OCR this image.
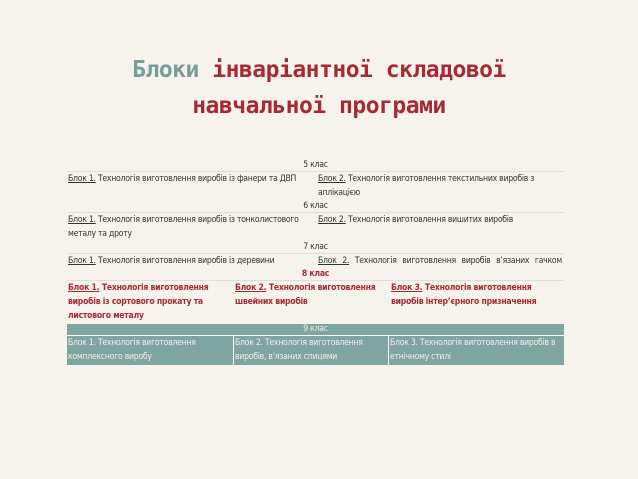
Блоки інваріантної складової
навчальної програми
5 клас
Блок 1. Технологія виготовлення виробів із фанери та ДВП	Блок 2. Технологія виготовлення текстильних виробів з аплікацією
6 клас
Блок 1. Технологія виготовлення виробів із тонколистового металу та дроту
Блок 2. Технологія виготовлення вишитих виробів
7 клас
Блок 1. Технологія виготовлення виробів із деревини	Блок 2. Технологія виготовлення виробів в’язаних гачком
8 клас
Блок 1. Технологія виготовлення виробів із сортового прокату та листового металу
Блок 2. Технологія виготовлення швейних виробів
Блок 3. Технологія виготовлення виробів інтер’єрного призначення
9 клас
Блок 1. Технологія виготовлення комплексного виробу
Блок 2. Технологія виготовлення виробів, в’язаних спицями
Блок 3. Технологія виготовлення виробів в етнічному стилі
